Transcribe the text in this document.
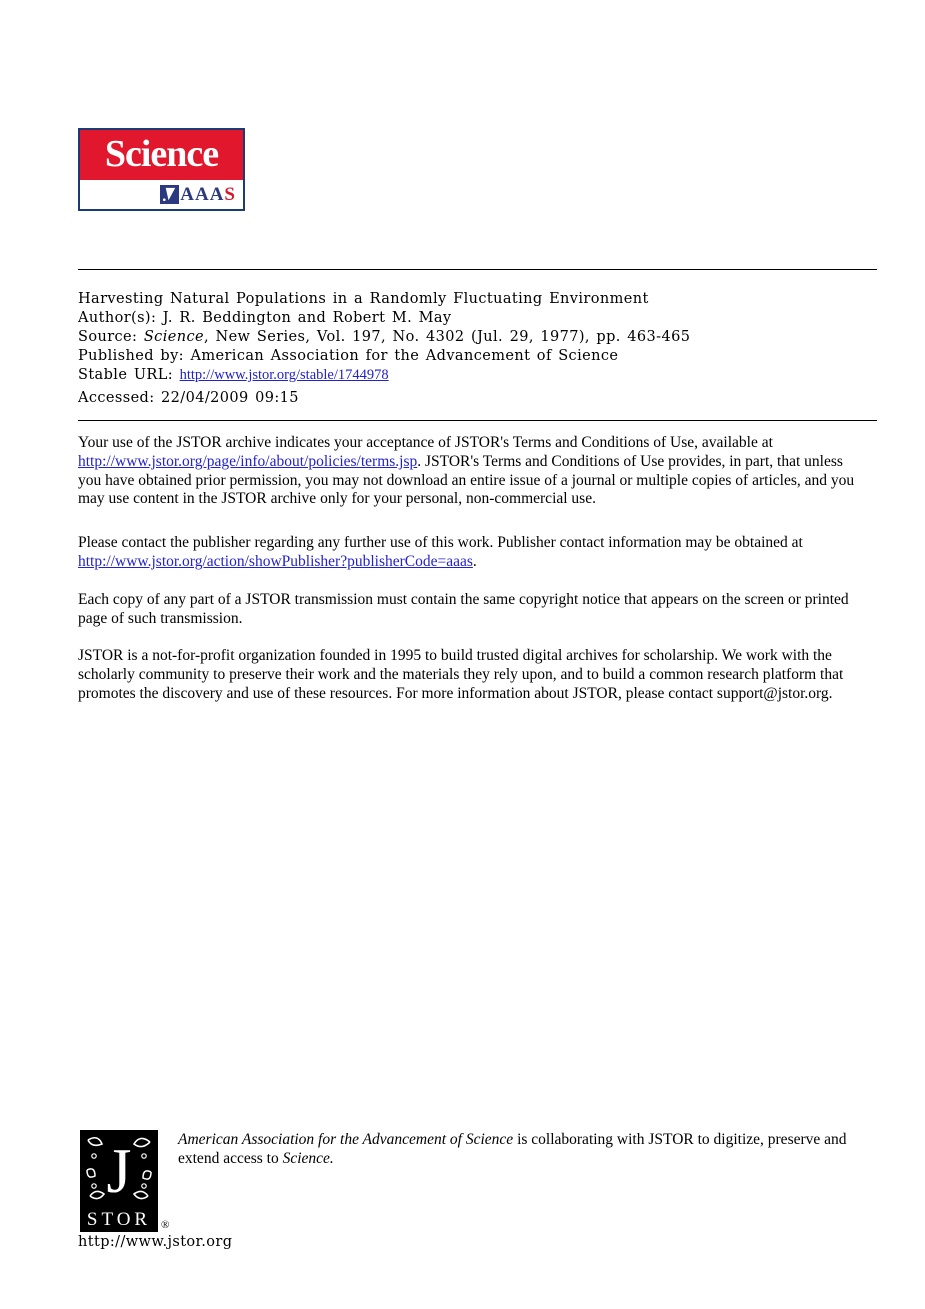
Science
AAAS
Harvesting Natural Populations in a Randomly Fluctuating Environment
Author(s): J. R. Beddington and Robert M. May
Source: Science, New Series, Vol. 197, No. 4302 (Jul. 29, 1977), pp. 463-465
Published by: American Association for the Advancement of Science
Stable URL: http://www.jstor.org/stable/1744978
Accessed: 22/04/2009 09:15

Your use of the JSTOR archive indicates your acceptance of JSTOR's Terms and Conditions of Use, available at http://www.jstor.org/page/info/about/policies/terms.jsp. JSTOR's Terms and Conditions of Use provides, in part, that unless you have obtained prior permission, you may not download an entire issue of a journal or multiple copies of articles, and you may use content in the JSTOR archive only for your personal, non-commercial use.

Please contact the publisher regarding any further use of this work. Publisher contact information may be obtained at http://www.jstor.org/action/showPublisher?publisherCode=aaas.

Each copy of any part of a JSTOR transmission must contain the same copyright notice that appears on the screen or printed page of such transmission.

JSTOR is a not-for-profit organization founded in 1995 to build trusted digital archives for scholarship. We work with the scholarly community to preserve their work and the materials they rely upon, and to build a common research platform that promotes the discovery and use of these resources. For more information about JSTOR, please contact support@jstor.org.

J
STOR ®
American Association for the Advancement of Science is collaborating with JSTOR to digitize, preserve and extend access to Science.
http://www.jstor.org
